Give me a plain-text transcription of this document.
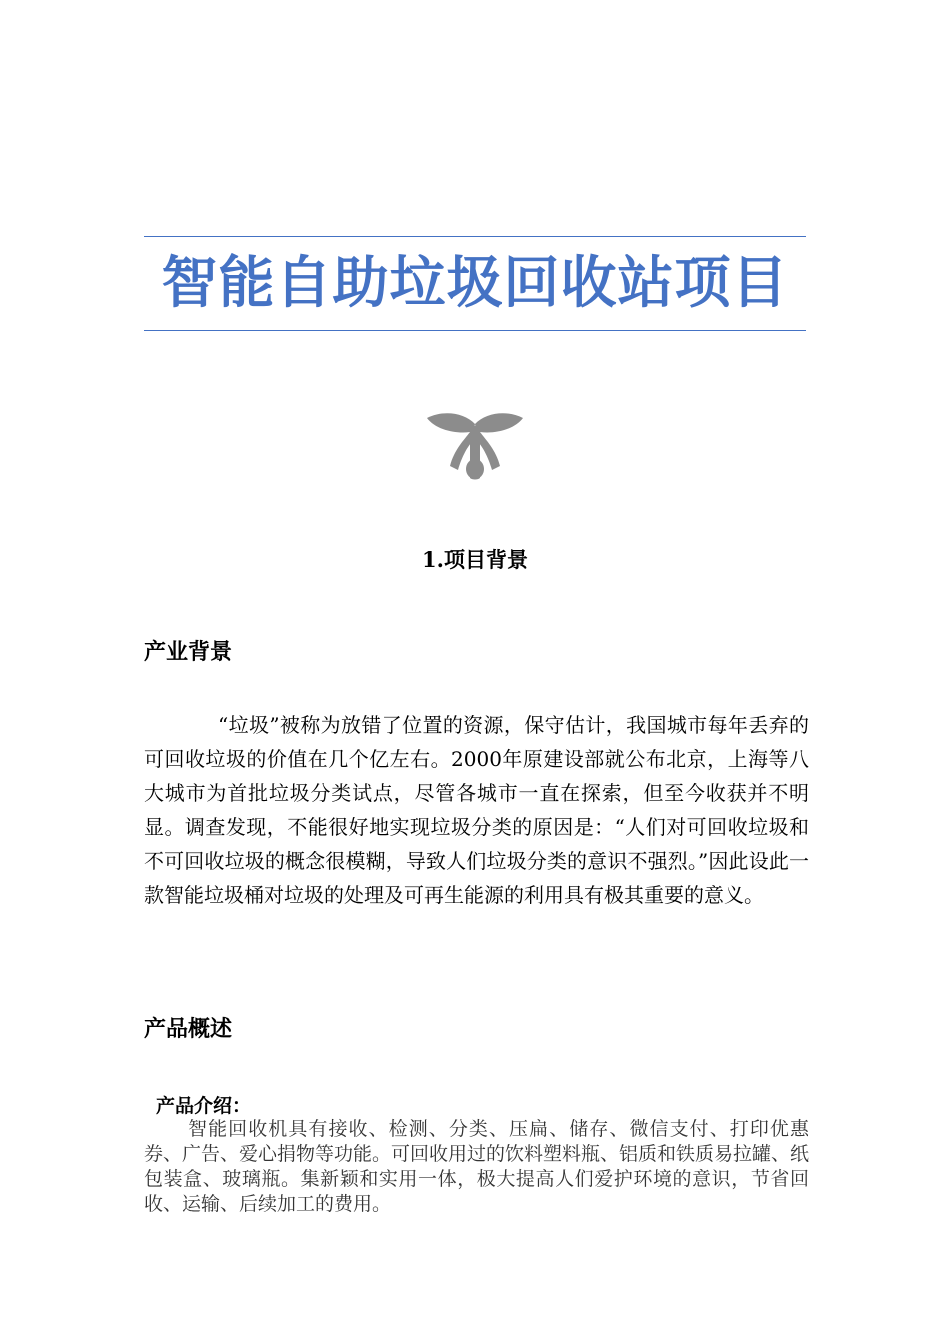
智能自助垃圾回收站项目
1.项目背景
产业背景
“垃圾”被称为放错了位置的资源，保守估计，我国城市每年丢弃的可回收垃圾的价值在几个亿左右。2000年原建设部就公布北京，上海等八大城市为首批垃圾分类试点，尽管各城市一直在探索，但至今收获并不明显。调查发现，不能很好地实现垃圾分类的原因是：“人们对可回收垃圾和不可回收垃圾的概念很模糊，导致人们垃圾分类的意识不强烈。”因此设此一款智能垃圾桶对垃圾的处理及可再生能源的利用具有极其重要的意义。
产品概述
产品介绍：
智能回收机具有接收、检测、分类、压扁、储存、微信支付、打印优惠券、广告、爱心捐物等功能。可回收用过的饮料塑料瓶、铝质和铁质易拉罐、纸包装盒、玻璃瓶。集新颖和实用一体，极大提高人们爱护环境的意识，节省回收、运输、后续加工的费用。
